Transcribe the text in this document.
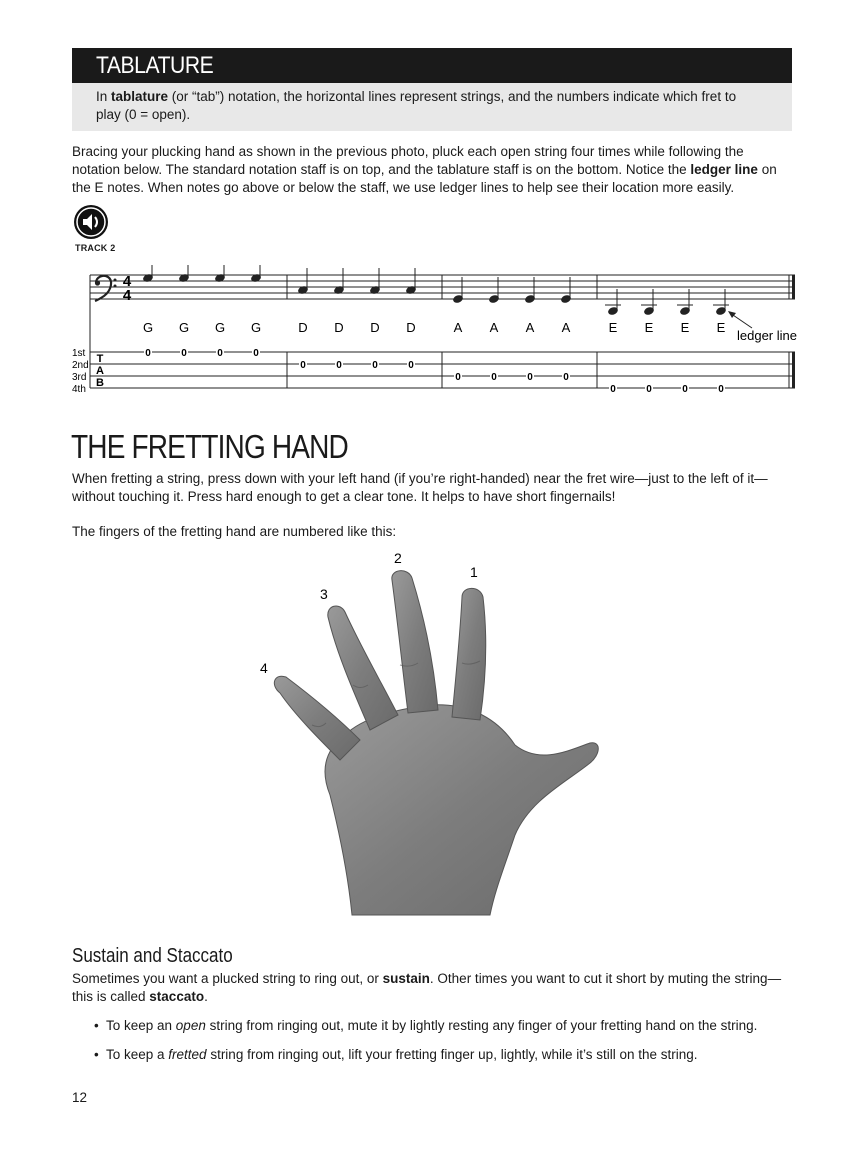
TABLATURE
In tablature (or “tab”) notation, the horizontal lines represent strings, and the numbers indicate which fret to play (0 = open).
Bracing your plucking hand as shown in the previous photo, pluck each open string four times while following the notation below. The standard notation staff is on top, and the tablature staff is on the bottom. Notice the ledger line on the E notes. When notes go above or below the staff, we use ledger lines to help see their location more easily.
TRACK 2
4
4
G G G G	D D D D	A A A A	E E E E
0	0	0	0
0	0	0	0
0	0	0	0
0	0	0	0
1st
2nd
3rd
4th
T
A
B
ledger line
THE FRETTING HAND
When fretting a string, press down with your left hand (if you’re right-handed) near the fret wire—just to the left of it—without touching it. Press hard enough to get a clear tone. It helps to have short fingernails!
The fingers of the fretting hand are numbered like this:
4
3
2
1
Sustain and Staccato
Sometimes you want a plucked string to ring out, or sustain. Other times you want to cut it short by muting the string—this is called staccato.
•  To keep an open string from ringing out, mute it by lightly resting any finger of your fretting hand on the string.
•  To keep a fretted string from ringing out, lift your fretting finger up, lightly, while it’s still on the string.
12
